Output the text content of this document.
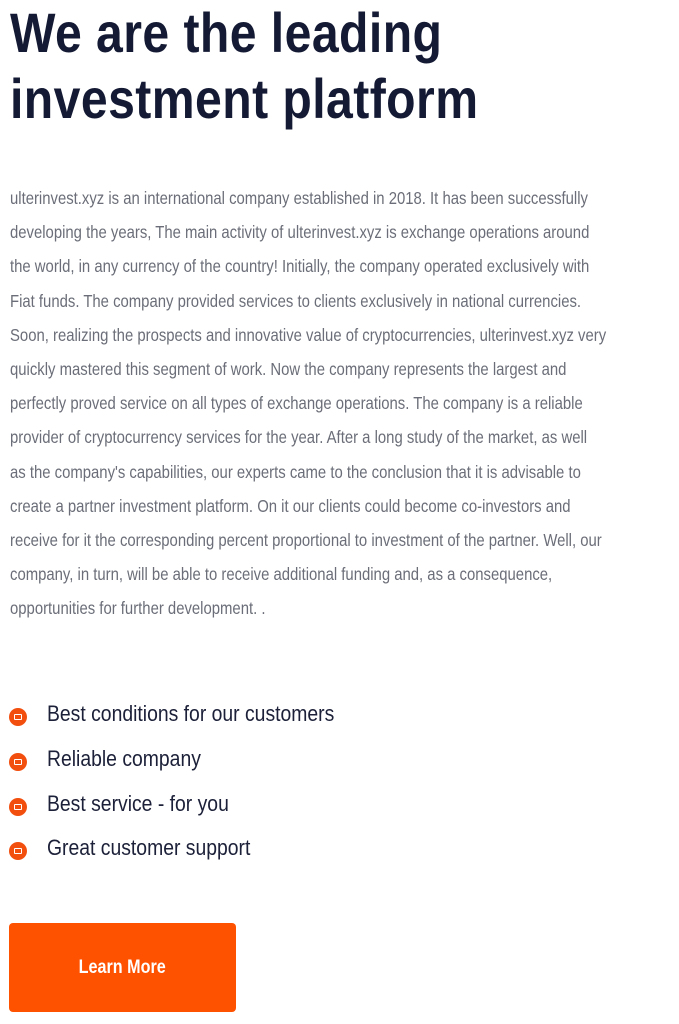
We are the leading
investment platform
ulterinvest.xyz is an international company established in 2018. It has been successfully
developing the years, The main activity of ulterinvest.xyz is exchange operations around
the world, in any currency of the country! Initially, the company operated exclusively with
Fiat funds. The company provided services to clients exclusively in national currencies.
Soon, realizing the prospects and innovative value of cryptocurrencies, ulterinvest.xyz very
quickly mastered this segment of work. Now the company represents the largest and
perfectly proved service on all types of exchange operations. The company is a reliable
provider of cryptocurrency services for the year. After a long study of the market, as well
as the company's capabilities, our experts came to the conclusion that it is advisable to
create a partner investment platform. On it our clients could become co-investors and
receive for it the corresponding percent proportional to investment of the partner. Well, our
company, in turn, will be able to receive additional funding and, as a consequence,
opportunities for further development. .
Best conditions for our customers
Reliable company
Best service - for you
Great customer support
Learn More
